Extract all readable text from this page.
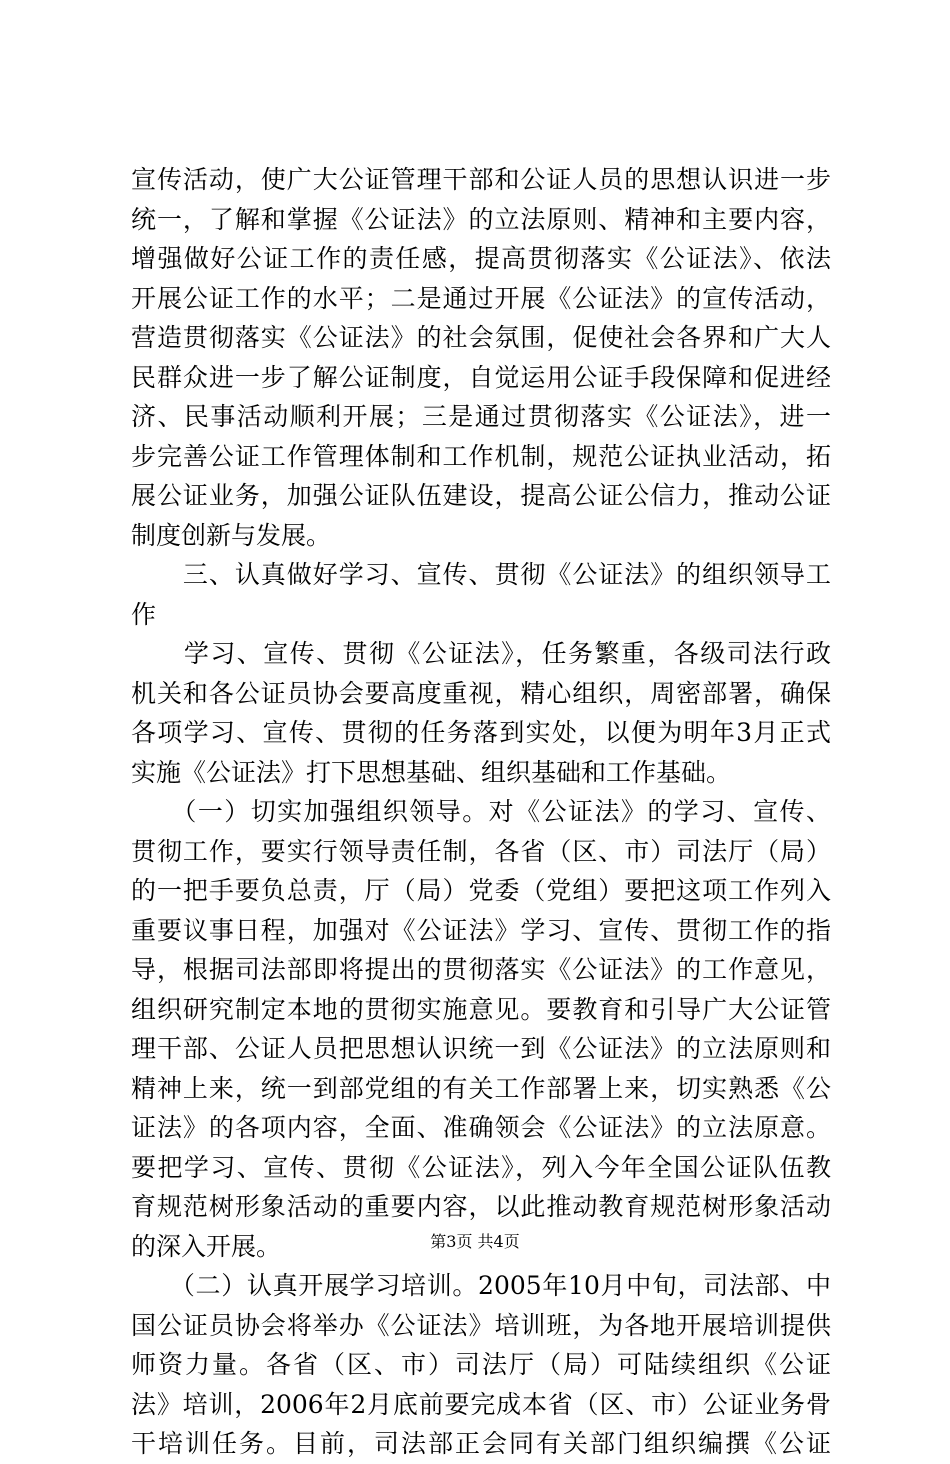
宣传活动，使广大公证管理干部和公证人员的思想认识进一步
统一，了解和掌握《公证法》的立法原则、精神和主要内容，
增强做好公证工作的责任感，提高贯彻落实《公证法》、依法
开展公证工作的水平；二是通过开展《公证法》的宣传活动，
营造贯彻落实《公证法》的社会氛围，促使社会各界和广大人
民群众进一步了解公证制度，自觉运用公证手段保障和促进经
济、民事活动顺利开展；三是通过贯彻落实《公证法》，进一
步完善公证工作管理体制和工作机制，规范公证执业活动，拓
展公证业务，加强公证队伍建设，提高公证公信力，推动公证
制度创新与发展。
　　三、认真做好学习、宣传、贯彻《公证法》的组织领导工
作
　　学习、宣传、贯彻《公证法》，任务繁重，各级司法行政
机关和各公证员协会要高度重视，精心组织，周密部署，确保
各项学习、宣传、贯彻的任务落到实处，以便为明年3月正式
实施《公证法》打下思想基础、组织基础和工作基础。
　　（一）切实加强组织领导。对《公证法》的学习、宣传、
贯彻工作，要实行领导责任制，各省（区、市）司法厅（局）
的一把手要负总责，厅（局）党委（党组）要把这项工作列入
重要议事日程，加强对《公证法》学习、宣传、贯彻工作的指
导，根据司法部即将提出的贯彻落实《公证法》的工作意见，
组织研究制定本地的贯彻实施意见。要教育和引导广大公证管
理干部、公证人员把思想认识统一到《公证法》的立法原则和
精神上来，统一到部党组的有关工作部署上来，切实熟悉《公
证法》的各项内容，全面、准确领会《公证法》的立法原意。
要把学习、宣传、贯彻《公证法》，列入今年全国公证队伍教
育规范树形象活动的重要内容，以此推动教育规范树形象活动
的深入开展。
　　（二）认真开展学习培训。2005年10月中旬，司法部、中
国公证员协会将举办《公证法》培训班，为各地开展培训提供
师资力量。各省（区、市）司法厅（局）可陆续组织《公证
法》培训，2006年2月底前要完成本省（区、市）公证业务骨
干培训任务。目前，司法部正会同有关部门组织编撰《公证
第3页 共4页
